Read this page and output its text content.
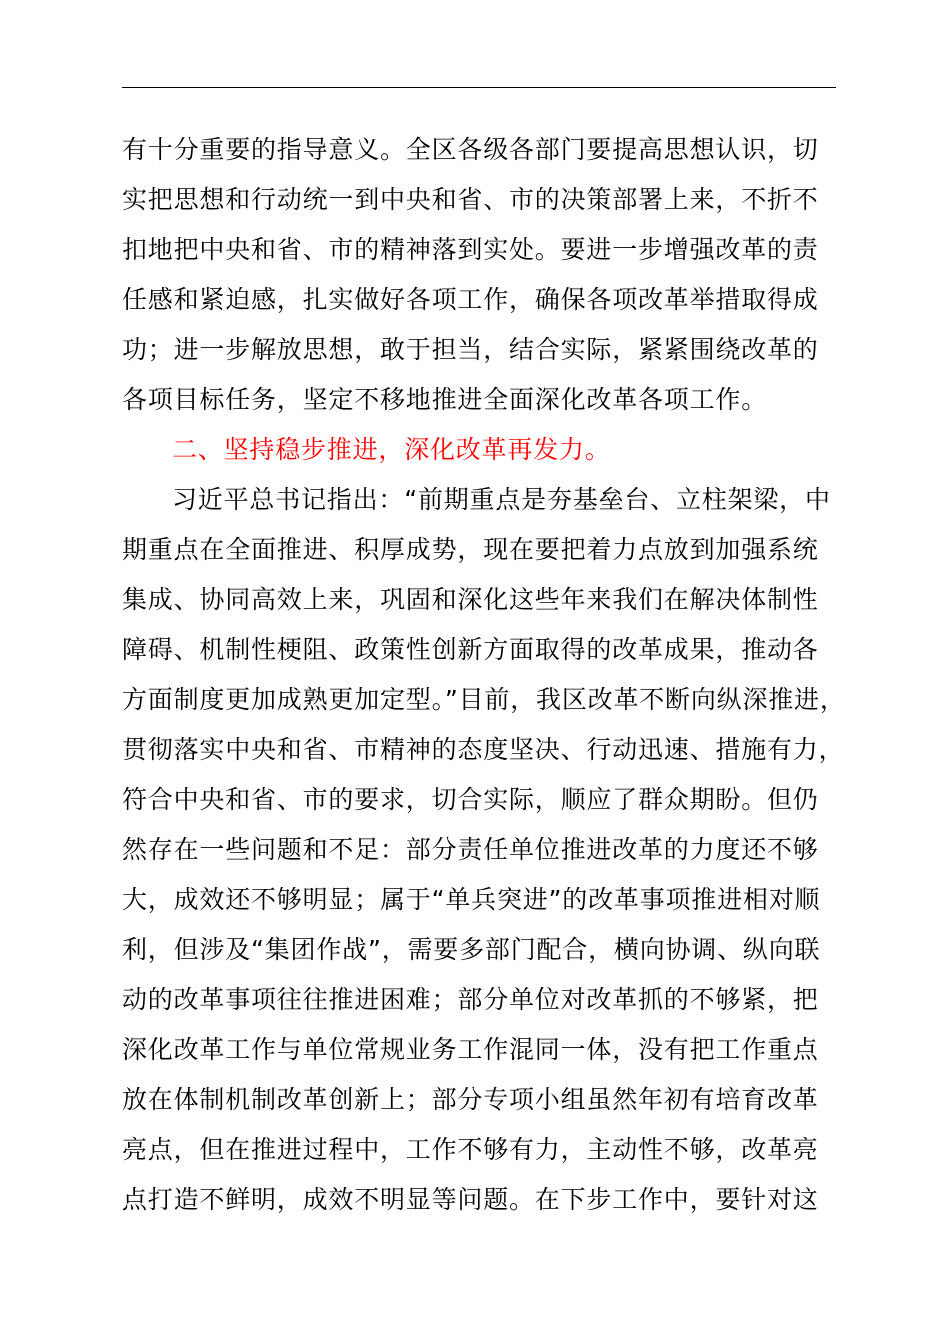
有十分重要的指导意义。全区各级各部门要提高思想认识，切
实把思想和行动统一到中央和省、市的决策部署上来，不折不
扣地把中央和省、市的精神落到实处。要进一步增强改革的责
任感和紧迫感，扎实做好各项工作，确保各项改革举措取得成
功；进一步解放思想，敢于担当，结合实际，紧紧围绕改革的
各项目标任务，坚定不移地推进全面深化改革各项工作。
二、坚持稳步推进，深化改革再发力。
习近平总书记指出：“前期重点是夯基垒台、立柱架梁，中
期重点在全面推进、积厚成势，现在要把着力点放到加强系统
集成、协同高效上来，巩固和深化这些年来我们在解决体制性
障碍、机制性梗阻、政策性创新方面取得的改革成果，推动各
方面制度更加成熟更加定型。”目前，我区改革不断向纵深推进，
贯彻落实中央和省、市精神的态度坚决、行动迅速、措施有力，
符合中央和省、市的要求，切合实际，顺应了群众期盼。但仍
然存在一些问题和不足：部分责任单位推进改革的力度还不够
大，成效还不够明显；属于“单兵突进”的改革事项推进相对顺
利，但涉及“集团作战”，需要多部门配合，横向协调、纵向联
动的改革事项往往推进困难；部分单位对改革抓的不够紧，把
深化改革工作与单位常规业务工作混同一体，没有把工作重点
放在体制机制改革创新上；部分专项小组虽然年初有培育改革
亮点，但在推进过程中，工作不够有力，主动性不够，改革亮
点打造不鲜明，成效不明显等问题。在下步工作中，要针对这
